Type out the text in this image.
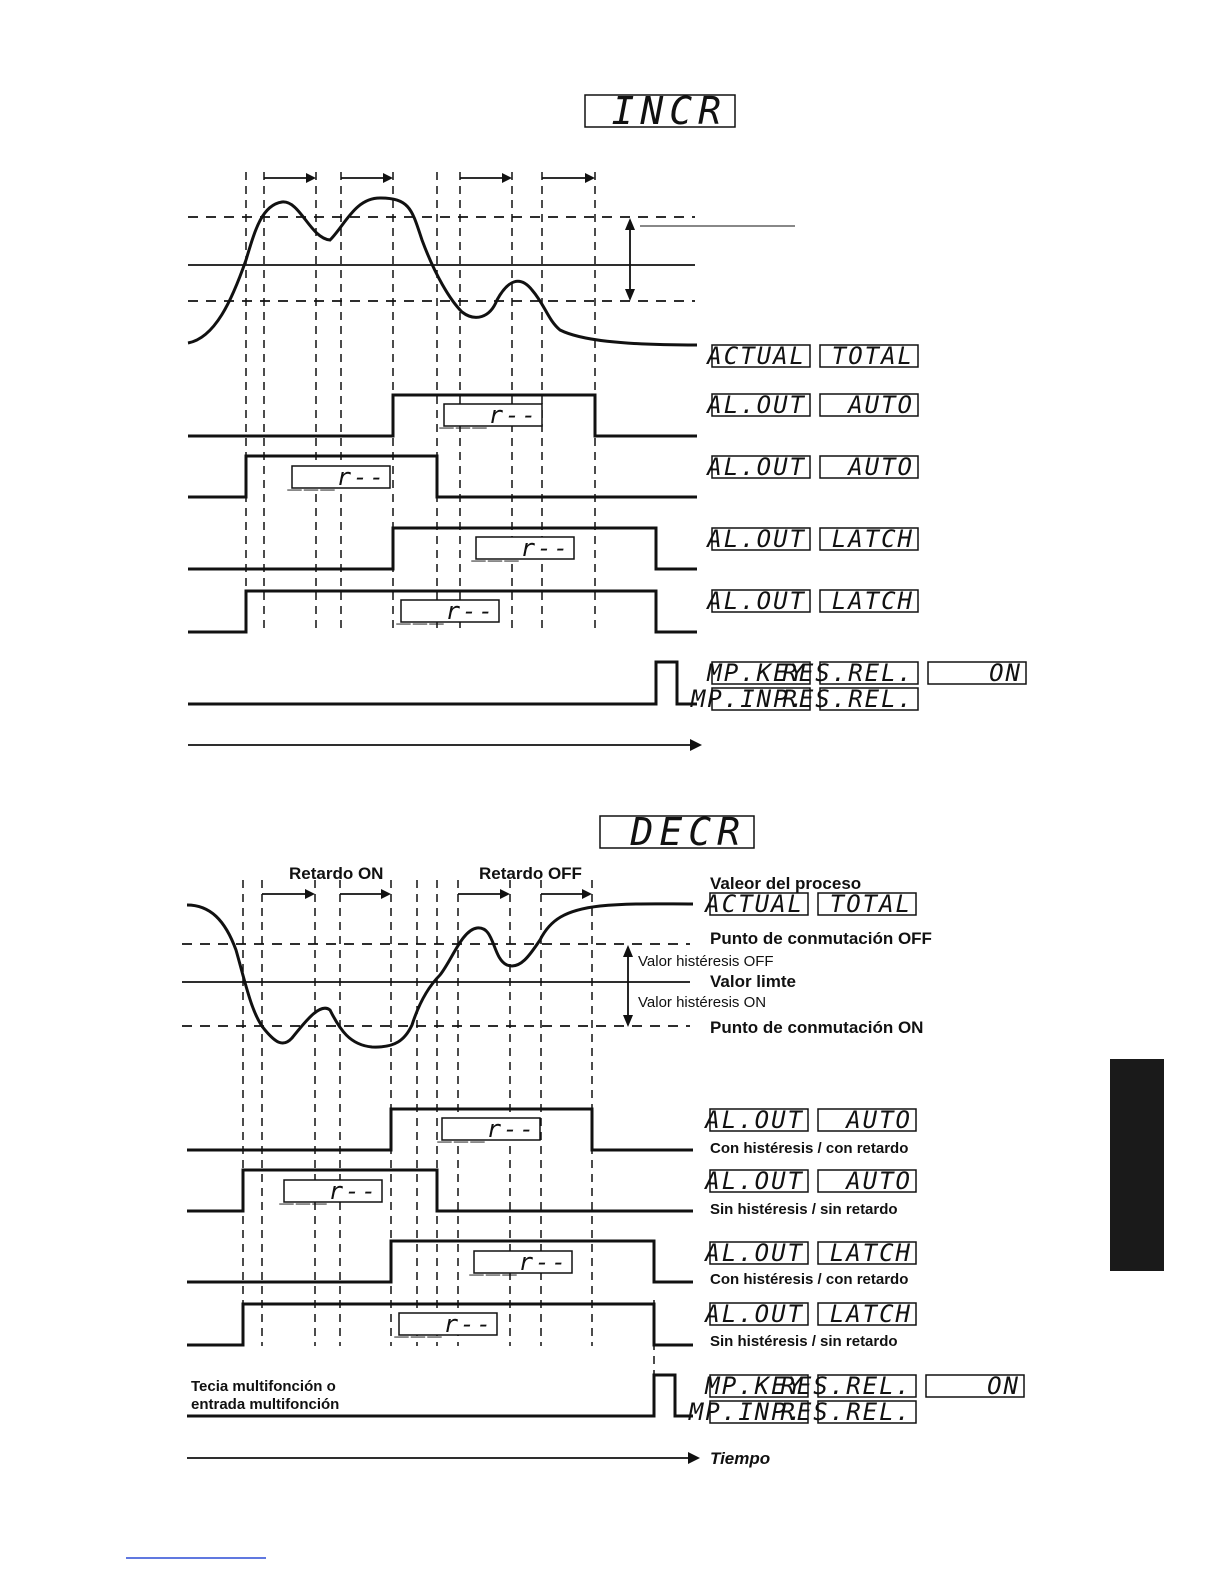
INCR
ACTUAL TOTAL
___r--	AL.OUT AUTO
___r--	AL.OUT AUTO
___r--	AL.OUT LATCH
___r--	AL.OUT LATCH
MP.KEY
RES.REL.	ON
MP.INP.
RES.REL.
DECR
Retardo ON	Retardo OFF
Valeor del proceso
ACTUAL TOTAL
Punto de conmutación OFF
Valor histéresis OFF
Valor limte
Valor histéresis ON
Punto de conmutación ON
___r--	AL.OUT AUTO
Con histéresis / con retardo
___r--	AL.OUT AUTO
Sin histéresis / sin retardo
___r--	AL.OUT LATCH
Con histéresis / con retardo
___r--	AL.OUT LATCH
Sin histéresis / sin retardo
Tecia multifonción o
entrada multifonción
MP.KEY
RES.REL.	ON
MP.INP.
RES.REL.
Tiempo
